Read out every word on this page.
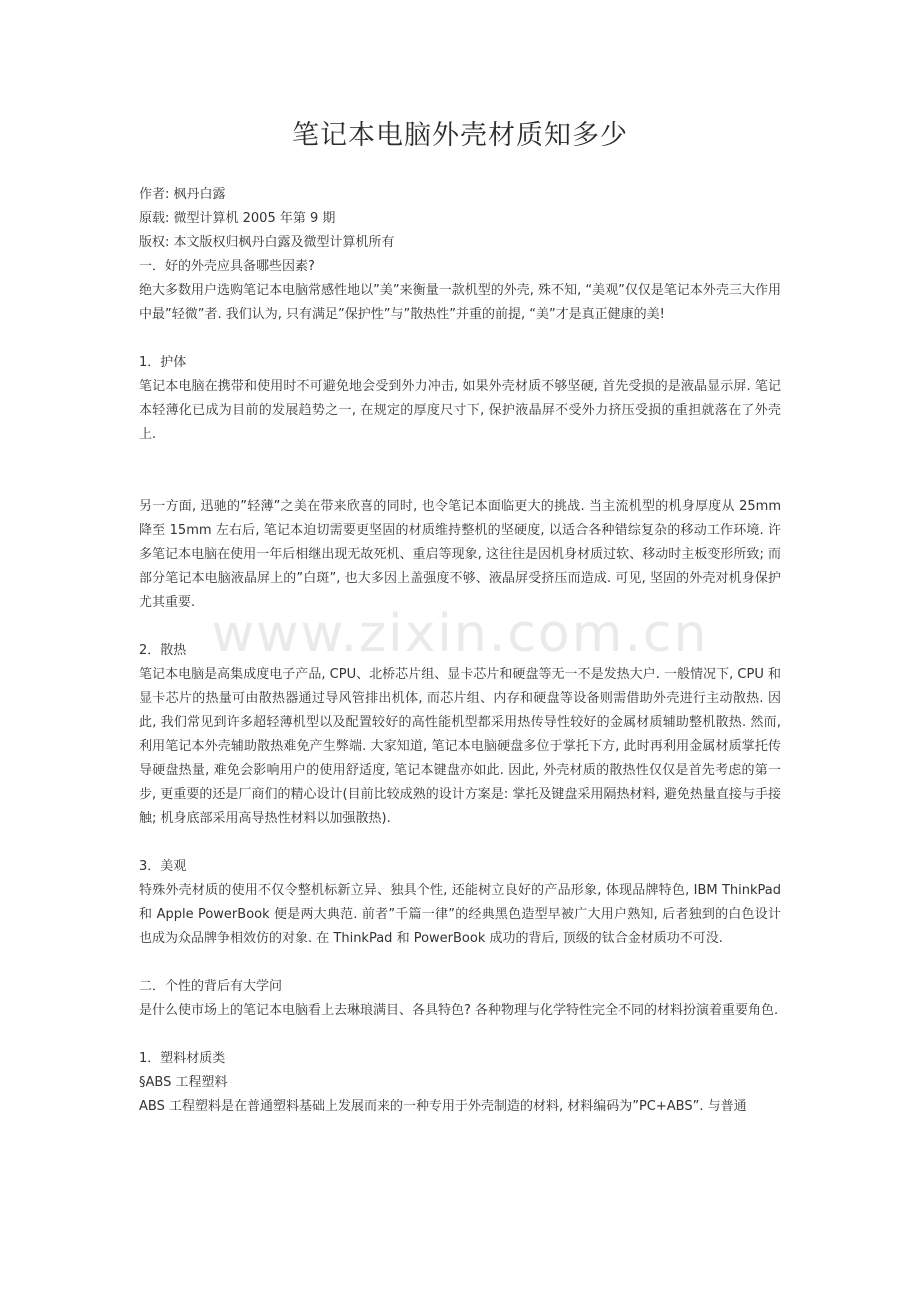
笔记本电脑外壳材质知多少

作者: 枫丹白露

原载: 微型计算机 2005 年第 9 期

版权: 本文版权归枫丹白露及微型计算机所有

一．好的外壳应具备哪些因素?

绝大多数用户选购笔记本电脑常感性地以”美”来衡量一款机型的外壳, 殊不知, “美观”仅仅是笔记本外壳三大作用中最”轻微”者. 我们认为, 只有满足”保护性”与”散热性”并重的前提, “美”才是真正健康的美!

1．护体

笔记本电脑在携带和使用时不可避免地会受到外力冲击, 如果外壳材质不够坚硬, 首先受损的是液晶显示屏. 笔记本轻薄化已成为目前的发展趋势之一, 在规定的厚度尺寸下, 保护液晶屏不受外力挤压受损的重担就落在了外壳上.

另一方面, 迅驰的”轻薄”之美在带来欣喜的同时, 也令笔记本面临更大的挑战. 当主流机型的机身厚度从 25mm 降至 15mm 左右后, 笔记本迫切需要更坚固的材质维持整机的坚硬度, 以适合各种错综复杂的移动工作环境. 许多笔记本电脑在使用一年后相继出现无故死机、重启等现象, 这往往是因机身材质过软、移动时主板变形所致; 而部分笔记本电脑液晶屏上的”白斑”, 也大多因上盖强度不够、液晶屏受挤压而造成. 可见, 坚固的外壳对机身保护尤其重要.

2．散热

笔记本电脑是高集成度电子产品, CPU、北桥芯片组、显卡芯片和硬盘等无一不是发热大户. 一般情况下, CPU 和显卡芯片的热量可由散热器通过导风管排出机体, 而芯片组、内存和硬盘等设备则需借助外壳进行主动散热. 因此, 我们常见到许多超轻薄机型以及配置较好的高性能机型都采用热传导性较好的金属材质辅助整机散热. 然而, 利用笔记本外壳辅助散热难免产生弊端. 大家知道, 笔记本电脑硬盘多位于掌托下方, 此时再利用金属材质掌托传导硬盘热量, 难免会影响用户的使用舒适度, 笔记本键盘亦如此. 因此, 外壳材质的散热性仅仅是首先考虑的第一步, 更重要的还是厂商们的精心设计(目前比较成熟的设计方案是: 掌托及键盘采用隔热材料, 避免热量直接与手接触; 机身底部采用高导热性材料以加强散热).

3．美观

特殊外壳材质的使用不仅令整机标新立异、独具个性, 还能树立良好的产品形象, 体现品牌特色, IBM ThinkPad 和 Apple PowerBook 便是两大典范. 前者”千篇一律”的经典黑色造型早被广大用户熟知, 后者独到的白色设计也成为众品牌争相效仿的对象. 在 ThinkPad 和 PowerBook 成功的背后, 顶级的钛合金材质功不可没.

二．个性的背后有大学问

是什么使市场上的笔记本电脑看上去琳琅满目、各具特色? 各种物理与化学特性完全不同的材料扮演着重要角色.

1．塑料材质类

§ABS 工程塑料

ABS 工程塑料是在普通塑料基础上发展而来的一种专用于外壳制造的材料, 材料编码为”PC+ABS”. 与普通

www.zixin.com.cn
